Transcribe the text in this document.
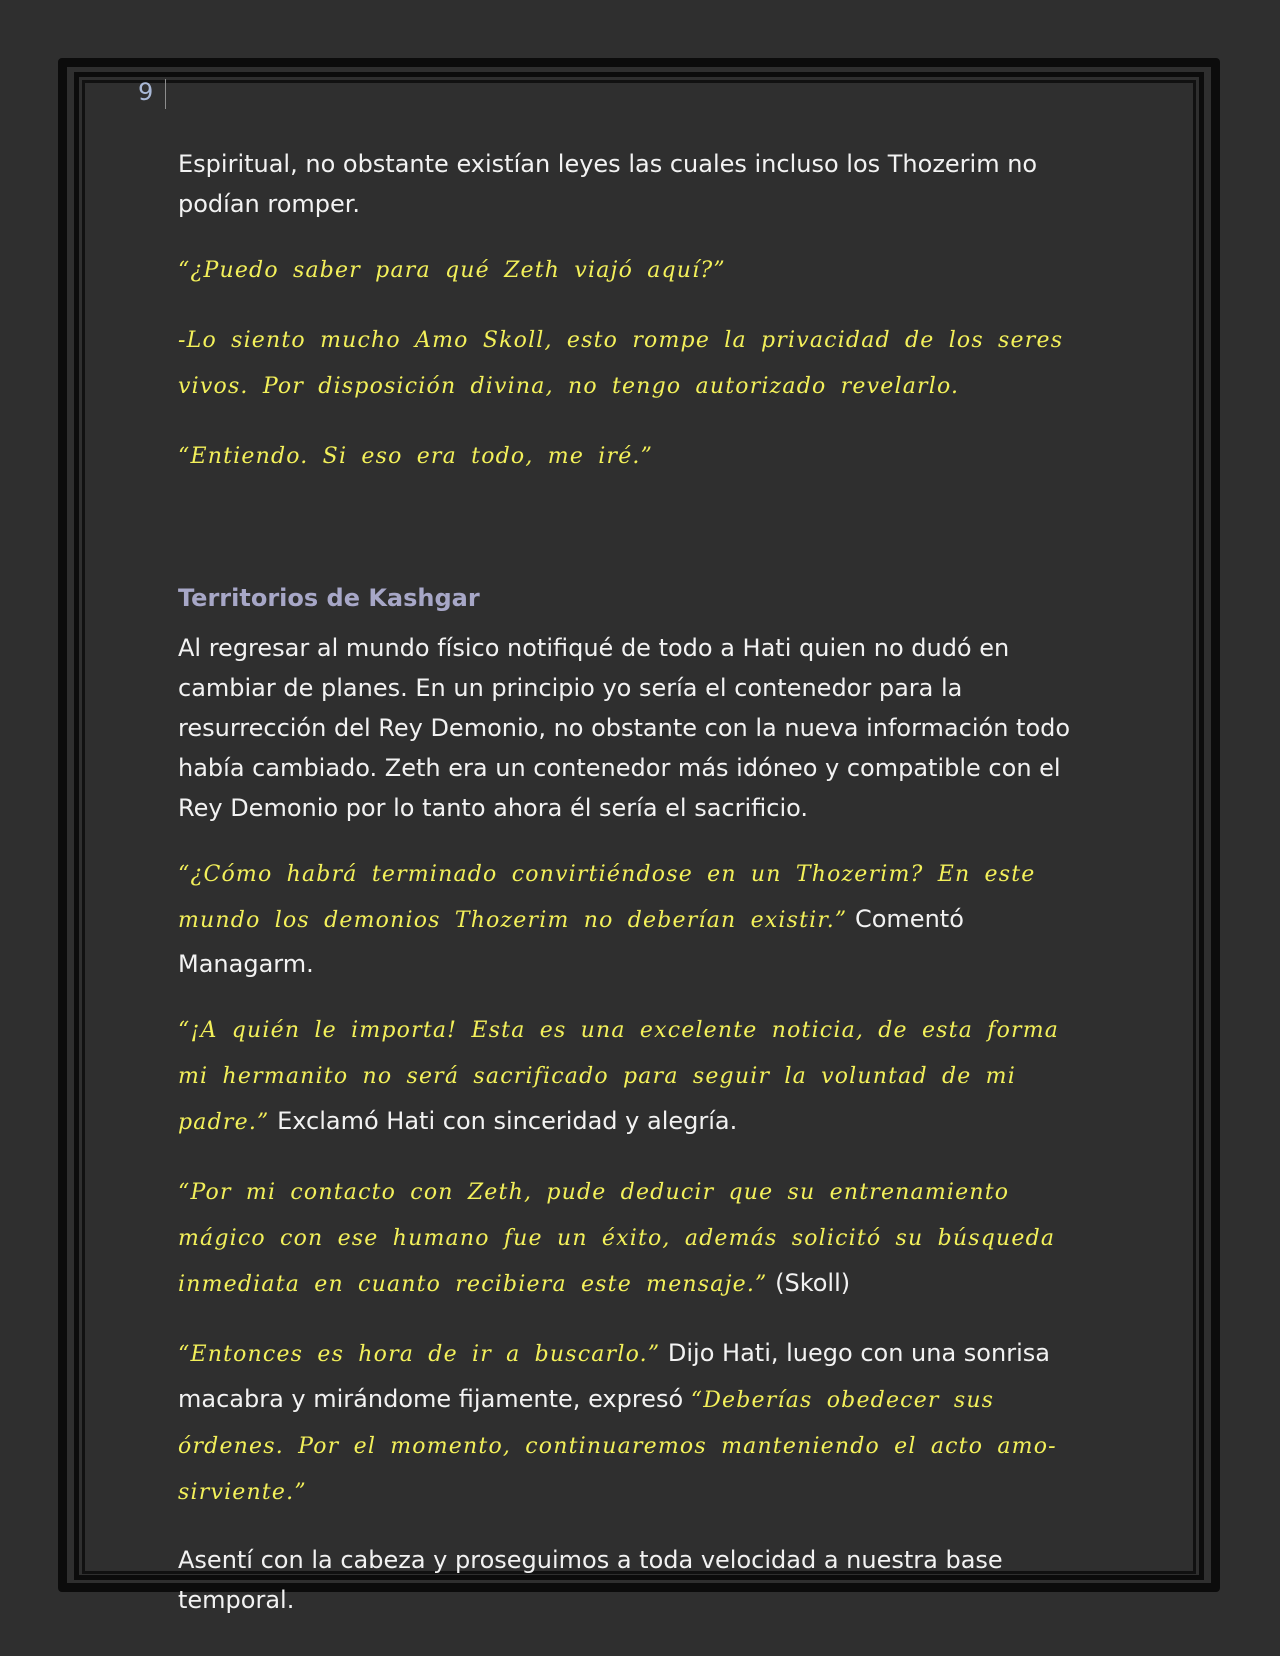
9

Espiritual, no obstante existían leyes las cuales incluso los Thozerim no podían romper.

“¿Puedo saber para qué Zeth viajó aquí?”

-Lo siento mucho Amo Skoll, esto rompe la privacidad de los seres vivos. Por disposición divina, no tengo autorizado revelarlo.

“Entiendo. Si eso era todo, me iré.”

Territorios de Kashgar

Al regresar al mundo físico notifiqué de todo a Hati quien no dudó en cambiar de planes. En un principio yo sería el contenedor para la resurrección del Rey Demonio, no obstante con la nueva información todo había cambiado. Zeth era un contenedor más idóneo y compatible con el Rey Demonio por lo tanto ahora él sería el sacrificio.

“¿Cómo habrá terminado convirtiéndose en un Thozerim? En este mundo los demonios Thozerim no deberían existir.” Comentó Managarm.

“¡A quién le importa! Esta es una excelente noticia, de esta forma mi hermanito no será sacrificado para seguir la voluntad de mi padre.” Exclamó Hati con sinceridad y alegría.

“Por mi contacto con Zeth, pude deducir que su entrenamiento mágico con ese humano fue un éxito, además solicitó su búsqueda inmediata en cuanto recibiera este mensaje.” (Skoll)

“Entonces es hora de ir a buscarlo.” Dijo Hati, luego con una sonrisa macabra y mirándome fijamente, expresó “Deberías obedecer sus órdenes. Por el momento, continuaremos manteniendo el acto amo-sirviente.”

Asentí con la cabeza y proseguimos a toda velocidad a nuestra base temporal.
